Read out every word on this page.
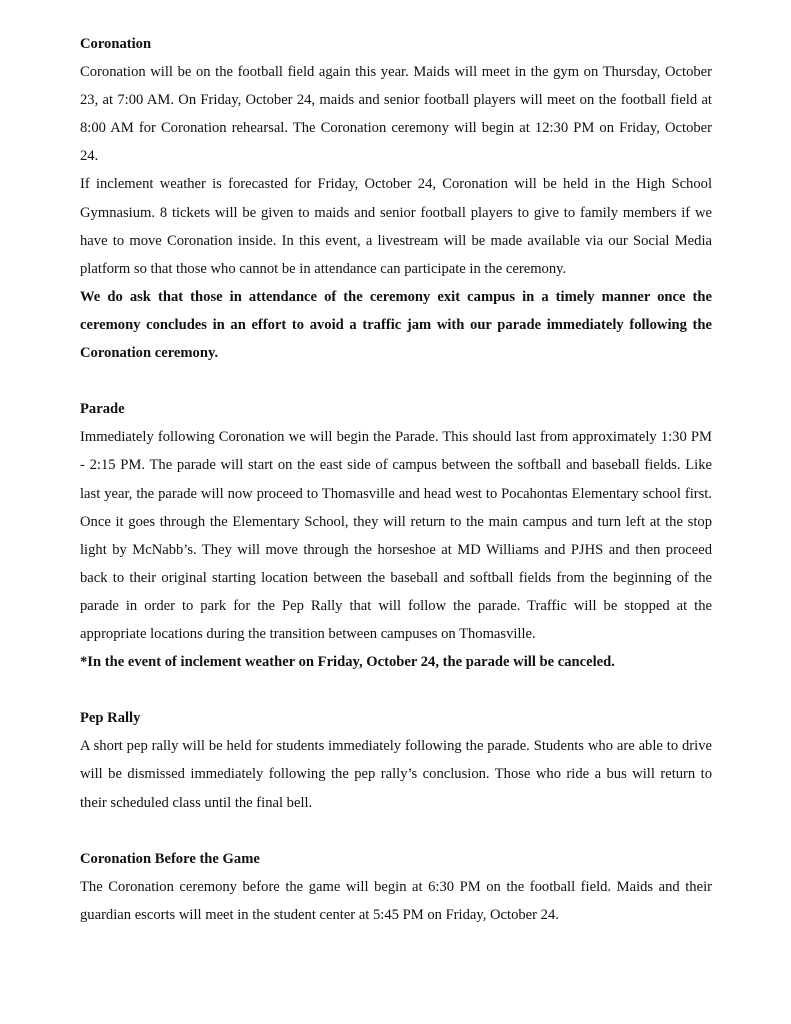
Coronation

Coronation will be on the football field again this year. Maids will meet in the gym on Thursday, October 23, at 7:00 AM. On Friday, October 24, maids and senior football players will meet on the football field at 8:00 AM for Coronation rehearsal. The Coronation ceremony will begin at 12:30 PM on Friday, October 24.

If inclement weather is forecasted for Friday, October 24, Coronation will be held in the High School Gymnasium. 8 tickets will be given to maids and senior football players to give to family members if we have to move Coronation inside. In this event, a livestream will be made available via our Social Media platform so that those who cannot be in attendance can participate in the ceremony.

We do ask that those in attendance of the ceremony exit campus in a timely manner once the ceremony concludes in an effort to avoid a traffic jam with our parade immediately following the Coronation ceremony.

Parade

Immediately following Coronation we will begin the Parade. This should last from approximately 1:30 PM - 2:15 PM. The parade will start on the east side of campus between the softball and baseball fields. Like last year, the parade will now proceed to Thomasville and head west to Pocahontas Elementary school first. Once it goes through the Elementary School, they will return to the main campus and turn left at the stop light by McNabb’s. They will move through the horseshoe at MD Williams and PJHS and then proceed back to their original starting location between the baseball and softball fields from the beginning of the parade in order to park for the Pep Rally that will follow the parade. Traffic will be stopped at the appropriate locations during the transition between campuses on Thomasville.

*In the event of inclement weather on Friday, October 24, the parade will be canceled.

Pep Rally

A short pep rally will be held for students immediately following the parade. Students who are able to drive will be dismissed immediately following the pep rally’s conclusion. Those who ride a bus will return to their scheduled class until the final bell.

Coronation Before the Game

The Coronation ceremony before the game will begin at 6:30 PM on the football field. Maids and their guardian escorts will meet in the student center at 5:45 PM on Friday, October 24.
